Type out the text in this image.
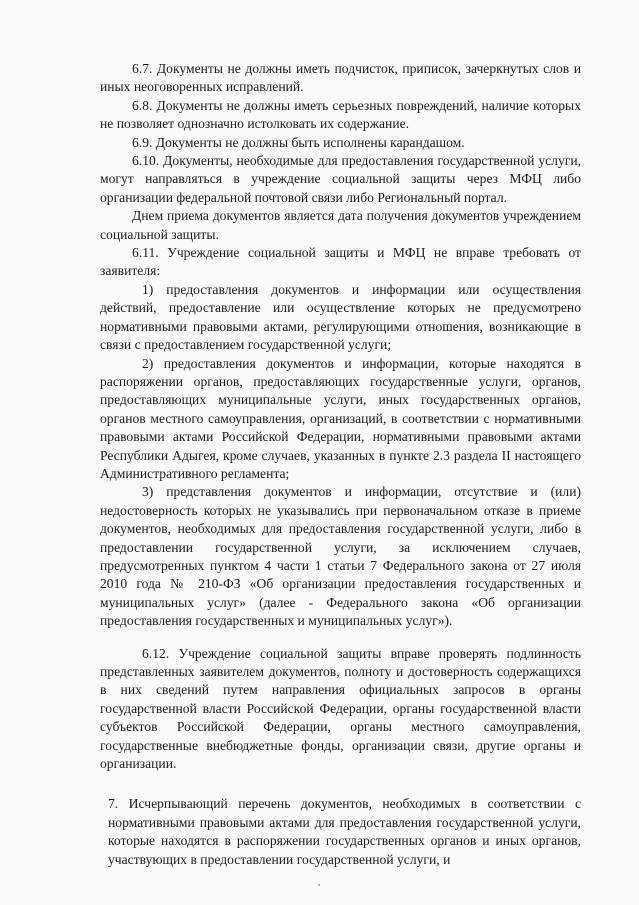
6.7. Документы не должны иметь подчисток, приписок, зачеркнутых слов и иных неоговоренных исправлений.

6.8. Документы не должны иметь серьезных повреждений, наличие которых не позволяет однозначно истолковать их содержание.

6.9. Документы не должны быть исполнены карандашом.

6.10. Документы, необходимые для предоставления государственной услуги, могут направляться в учреждение социальной защиты через МФЦ либо организации федеральной почтовой связи либо Региональный портал.

Днем приема документов является дата получения документов учреждением социальной защиты.

6.11. Учреждение социальной защиты и МФЦ не вправе требовать от заявителя:

1) предоставления документов и информации или осуществления действий, предоставление или осуществление которых не предусмотрено нормативными правовыми актами, регулирующими отношения, возникающие в связи с предоставлением государственной услуги;

2) предоставления документов и информации, которые находятся в распоряжении органов, предоставляющих государственные услуги, органов, предоставляющих муниципальные услуги, иных государственных органов, органов местного самоуправления, организаций, в соответствии с нормативными правовыми актами Российской Федерации, нормативными правовыми актами Республики Адыгея, кроме случаев, указанных в пункте 2.3 раздела II настоящего Административного регламента;

3) представления документов и информации, отсутствие и (или) недостоверность которых не указывались при первоначальном отказе в приеме документов, необходимых для предоставления государственной услуги, либо в предоставлении государственной услуги, за исключением случаев, предусмотренных пунктом 4 части 1 статьи 7 Федерального закона от 27 июля 2010 года № 210-ФЗ «Об организации предоставления государственных и муниципальных услуг» (далее - Федерального закона «Об организации предоставления государственных и муниципальных услуг»).

6.12. Учреждение социальной защиты вправе проверять подлинность представленных заявителем документов, полноту и достоверность содержащихся в них сведений путем направления официальных запросов в органы государственной власти Российской Федерации, органы государственной власти субъектов Российской Федерации, органы местного самоуправления, государственные внебюджетные фонды, организации связи, другие органы и организации.

7. Исчерпывающий перечень документов, необходимых в соответствии с нормативными правовыми актами для предоставления государственной услуги, которые находятся в распоряжении государственных органов и иных органов, участвующих в предоставлении государственной услуги, и
